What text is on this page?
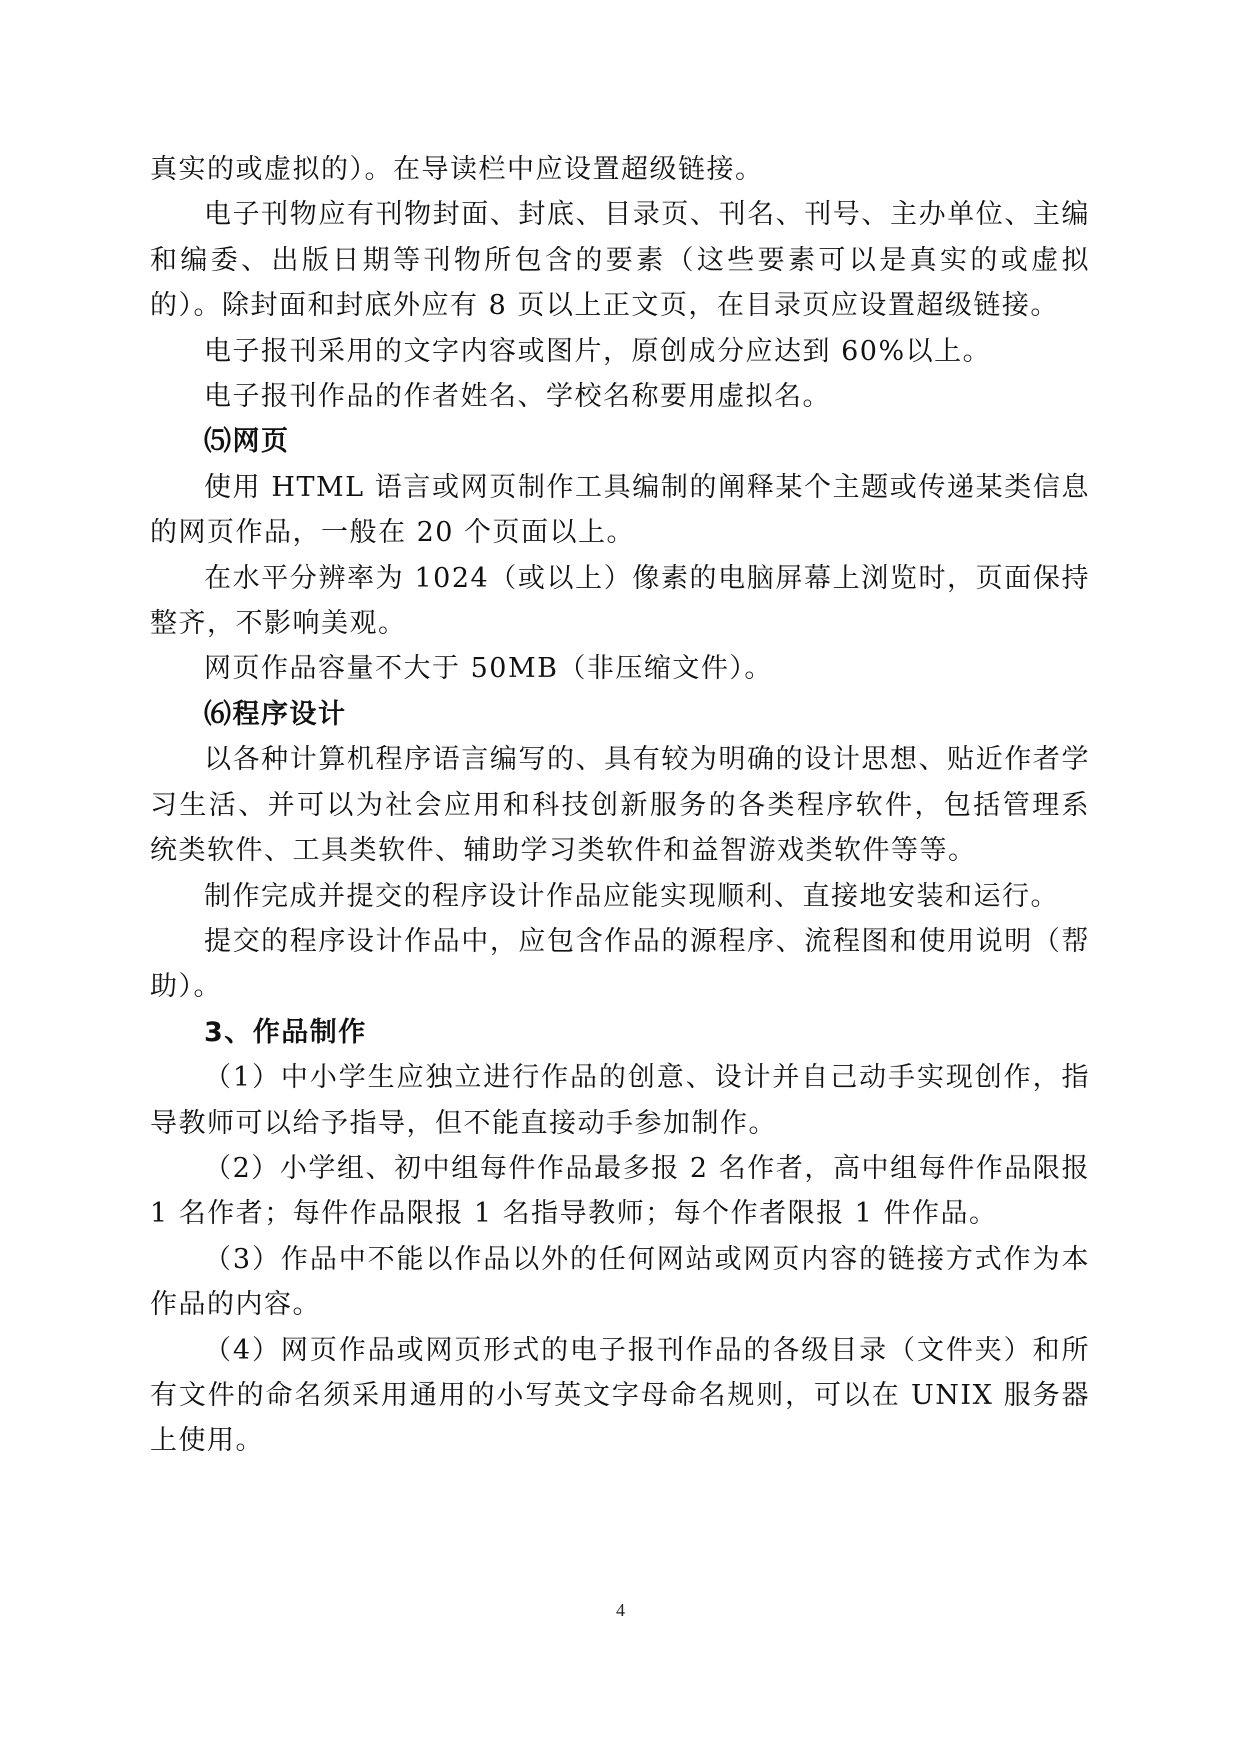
真实的或虚拟的）。在导读栏中应设置超级链接。

电子刊物应有刊物封面、封底、目录页、刊名、刊号、主办单位、主编和编委、出版日期等刊物所包含的要素（这些要素可以是真实的或虚拟的）。除封面和封底外应有 8 页以上正文页，在目录页应设置超级链接。

电子报刊采用的文字内容或图片，原创成分应达到 60%以上。

电子报刊作品的作者姓名、学校名称要用虚拟名。

⑸网页

使用 HTML 语言或网页制作工具编制的阐释某个主题或传递某类信息的网页作品，一般在 20 个页面以上。

在水平分辨率为 1024（或以上）像素的电脑屏幕上浏览时，页面保持整齐，不影响美观。

网页作品容量不大于 50MB（非压缩文件）。

⑹程序设计

以各种计算机程序语言编写的、具有较为明确的设计思想、贴近作者学习生活、并可以为社会应用和科技创新服务的各类程序软件，包括管理系统类软件、工具类软件、辅助学习类软件和益智游戏类软件等等。

制作完成并提交的程序设计作品应能实现顺利、直接地安装和运行。

提交的程序设计作品中，应包含作品的源程序、流程图和使用说明（帮助）。

3、作品制作

（1）中小学生应独立进行作品的创意、设计并自己动手实现创作，指导教师可以给予指导，但不能直接动手参加制作。

（2）小学组、初中组每件作品最多报 2 名作者，高中组每件作品限报 1 名作者；每件作品限报 1 名指导教师；每个作者限报 1 件作品。

（3）作品中不能以作品以外的任何网站或网页内容的链接方式作为本作品的内容。

（4）网页作品或网页形式的电子报刊作品的各级目录（文件夹）和所有文件的命名须采用通用的小写英文字母命名规则，可以在 UNIX 服务器上使用。

4
